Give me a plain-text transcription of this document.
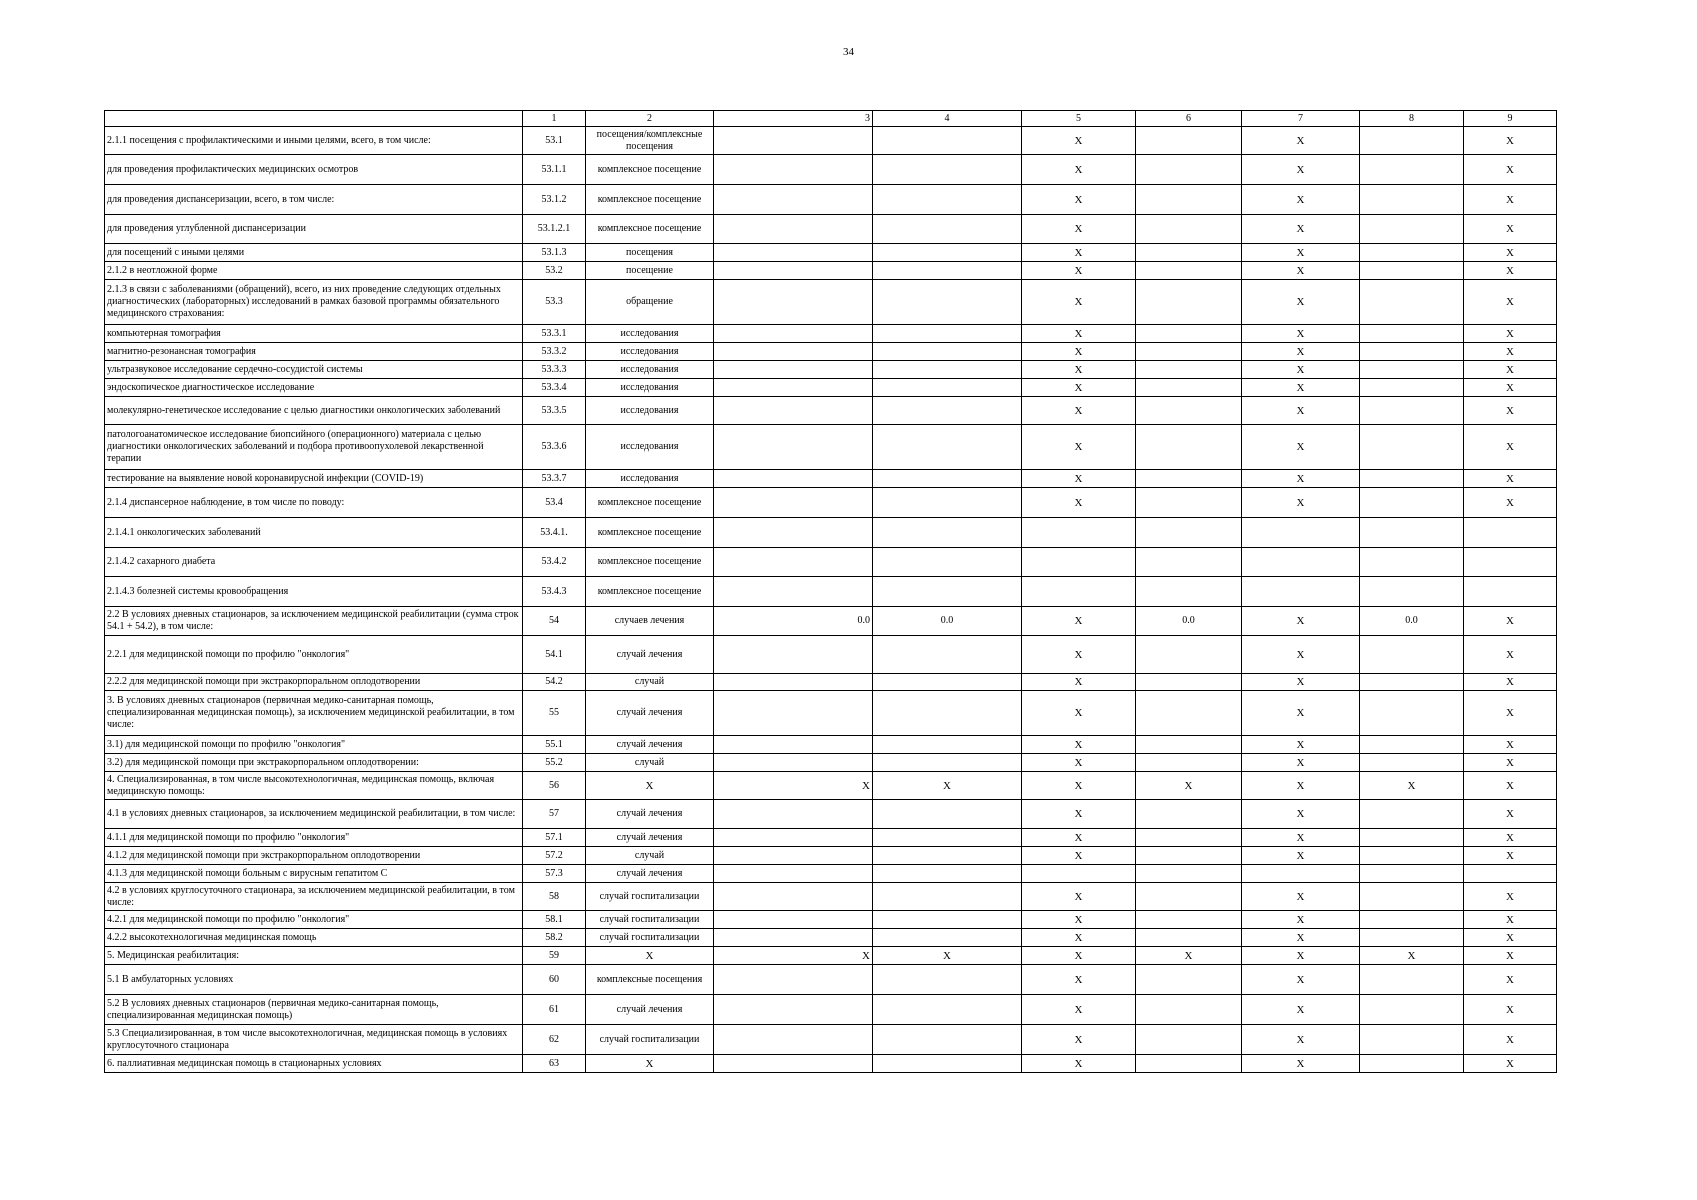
34
	1	2	3	4	5	6	7	8	9
2.1.1 посещения с профилактическими и иными целями, всего, в том числе:	53.1	посещения/комплексные посещения			X		X		X
для проведения профилактических медицинских осмотров	53.1.1	комплексное посещение			X		X		X
для проведения диспансеризации, всего, в том числе:	53.1.2	комплексное посещение			X		X		X
для проведения углубленной диспансеризации	53.1.2.1	комплексное посещение			X		X		X
для посещений с иными целями	53.1.3	посещения			X		X		X
2.1.2 в неотложной форме	53.2	посещение			X		X		X
2.1.3 в связи с заболеваниями (обращений), всего, из них проведение следующих отдельных диагностических (лабораторных) исследований в рамках базовой программы обязательного медицинского страхования:	53.3	обращение			X		X		X
компьютерная томография	53.3.1	исследования			X		X		X
магнитно-резонансная томография	53.3.2	исследования			X		X		X
ультразвуковое исследование сердечно-сосудистой системы	53.3.3	исследования			X		X		X
эндоскопическое диагностическое исследование	53.3.4	исследования			X		X		X
молекулярно-генетическое исследование с целью диагностики онкологических заболеваний	53.3.5	исследования			X		X		X
патологоанатомическое исследование биопсийного (операционного) материала с целью диагностики онкологических заболеваний и подбора противоопухолевой лекарственной терапии	53.3.6	исследования			X		X		X
тестирование на выявление новой коронавирусной инфекции (COVID-19)	53.3.7	исследования			X		X		X
2.1.4 диспансерное наблюдение, в том числе по поводу:	53.4	комплексное посещение			X		X		X
2.1.4.1 онкологических заболеваний	53.4.1.	комплексное посещение							
2.1.4.2 сахарного диабета	53.4.2	комплексное посещение							
2.1.4.3 болезней системы кровообращения	53.4.3	комплексное посещение							
2.2 В условиях дневных стационаров, за исключением медицинской реабилитации (сумма строк 54.1 + 54.2), в том числе:	54	случаев лечения	0.0	0.0	X	0.0	X	0.0	X
2.2.1 для медицинской помощи по профилю "онкология"	54.1	случай лечения			X		X		X
2.2.2 для медицинской помощи при экстракорпоральном оплодотворении	54.2	случай			X		X		X
3. В условиях дневных стационаров (первичная медико-санитарная помощь, специализированная медицинская помощь), за исключением медицинской реабилитации, в том числе:	55	случай лечения			X		X		X
3.1) для медицинской помощи по профилю "онкология"	55.1	случай лечения			X		X		X
3.2) для медицинской помощи при экстракорпоральном оплодотворении:	55.2	случай			X		X		X
4. Специализированная, в том числе высокотехнологичная, медицинская помощь, включая медицинскую помощь:	56	X	X	X	X	X	X	X	X
4.1 в условиях дневных стационаров, за исключением медицинской реабилитации, в том числе:	57	случай лечения			X		X		X
4.1.1 для медицинской помощи по профилю "онкология"	57.1	случай лечения			X		X		X
4.1.2 для медицинской помощи при экстракорпоральном оплодотворении	57.2	случай			X		X		X
4.1.3 для медицинской помощи больным с вирусным гепатитом С	57.3	случай лечения							
4.2 в условиях круглосуточного стационара, за исключением медицинской реабилитации, в том числе:	58	случай госпитализации			X		X		X
4.2.1 для медицинской помощи по профилю "онкология"	58.1	случай госпитализации			X		X		X
4.2.2 высокотехнологичная медицинская помощь	58.2	случай госпитализации			X		X		X
5. Медицинская реабилитация:	59	X	X	X	X	X	X	X	X
5.1 В амбулаторных условиях	60	комплексные посещения			X		X		X
5.2 В условиях дневных стационаров (первичная медико-санитарная помощь, специализированная медицинская помощь)	61	случай лечения			X		X		X
5.3 Специализированная, в том числе высокотехнологичная, медицинская помощь в условиях круглосуточного стационара	62	случай госпитализации			X		X		X
6. паллиативная медицинская помощь в стационарных условиях	63	X			X		X		X
